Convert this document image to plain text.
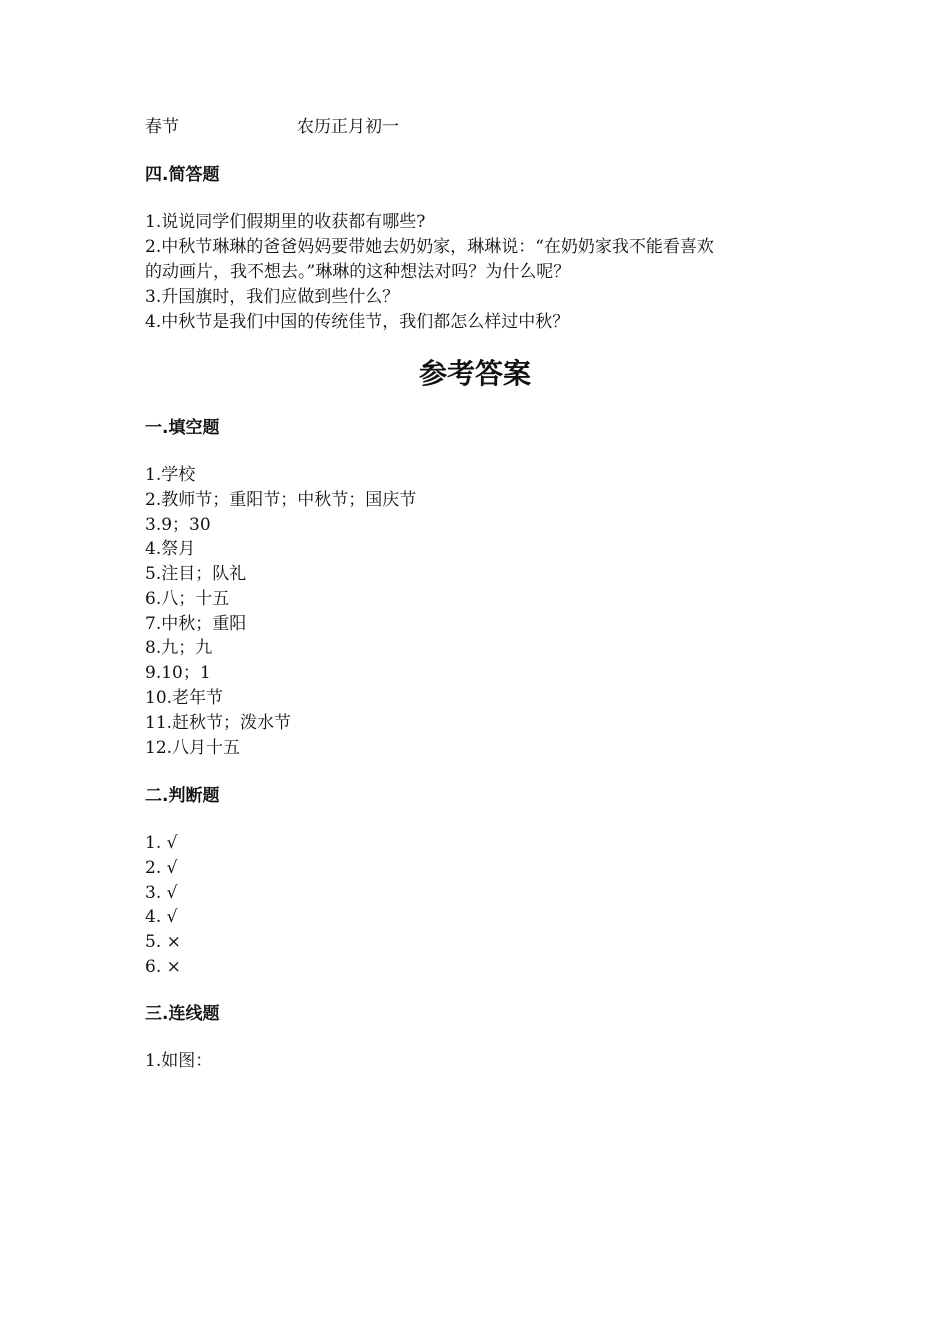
春节	农历正月初一
四.简答题
1.说说同学们假期里的收获都有哪些?
2.中秋节琳琳的爸爸妈妈要带她去奶奶家，琳琳说：“在奶奶家我不能看喜欢
的动画片，我不想去。”琳琳的这种想法对吗？为什么呢？
3.升国旗时，我们应做到些什么？
4.中秋节是我们中国的传统佳节，我们都怎么样过中秋？
参考答案
一.填空题
1.学校
2.教师节；重阳节；中秋节；国庆节
3.9；30
4.祭月
5.注目；队礼
6.八；十五
7.中秋；重阳
8.九；九
9.10；1
10.老年节
11.赶秋节；泼水节
12.八月十五
二.判断题
1. √
2. √
3. √
4. √
5. ×
6. ×
三.连线题
1.如图：
